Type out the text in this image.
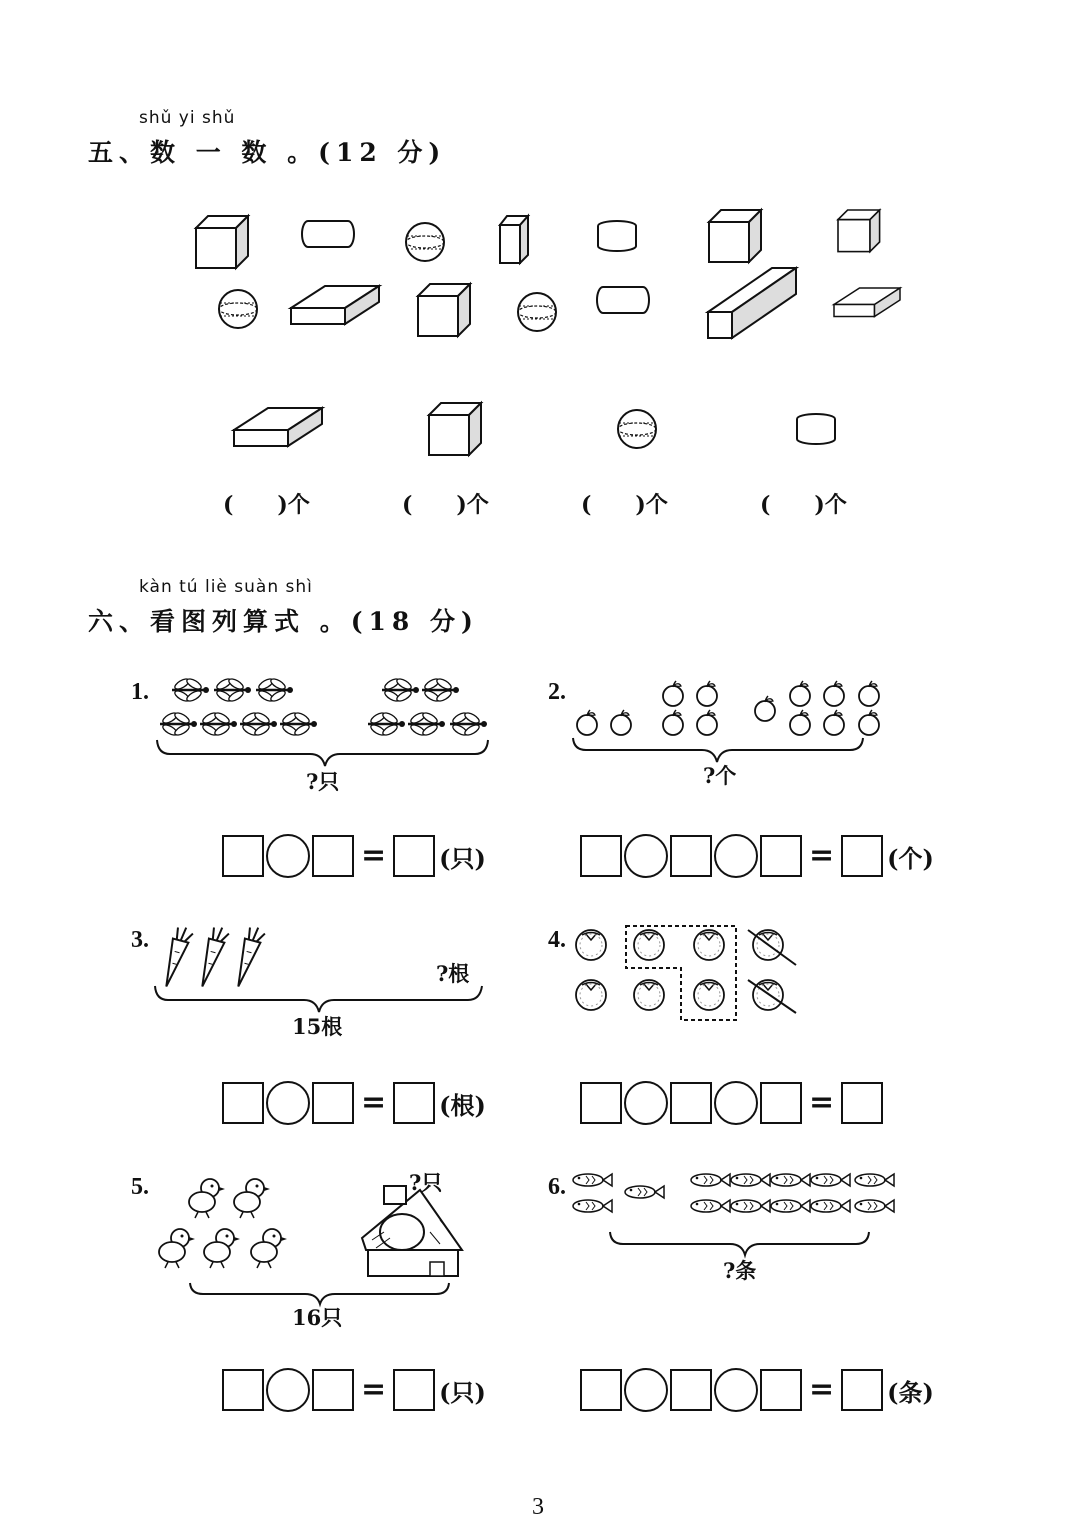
shǔ yi shǔ
五、数 一 数 。(12 分)
(　　)个	(　　)个	(　　)个	(　　)个
kàn tú liè suàn shì
六、看图列算式 。(18 分)
1.	2.
3.	4.
5.	6.
?只	?个
?根
15根
?只
16只
?条
= (只)	= (个)
= (根)	=
= (只)	= (条)
3
